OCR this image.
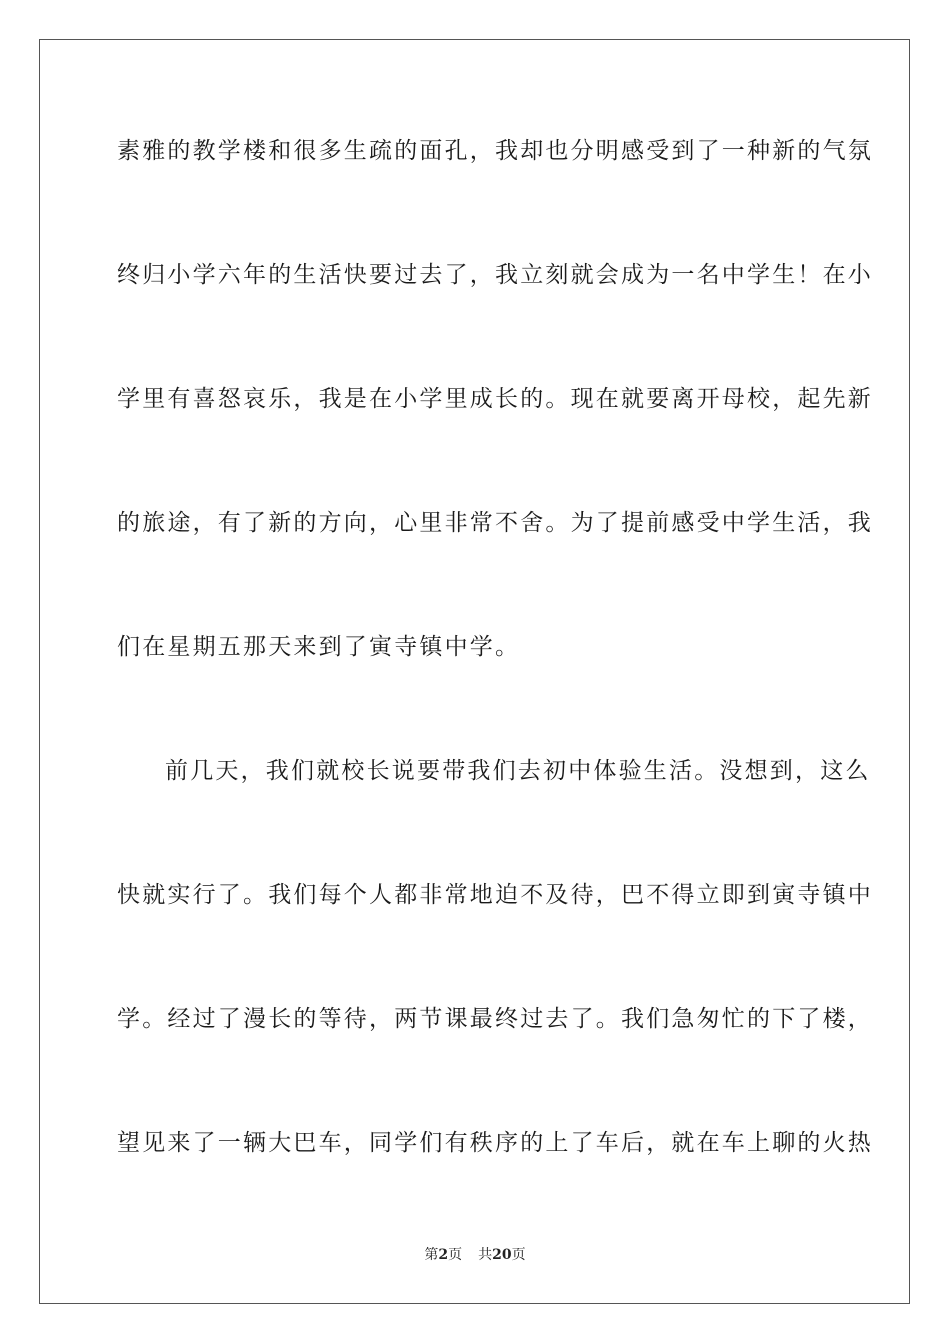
素雅的教学楼和很多生疏的面孔，我却也分明感受到了一种新的气氛
终归小学六年的生活快要过去了，我立刻就会成为一名中学生！在小
学里有喜怒哀乐，我是在小学里成长的。现在就要离开母校，起先新
的旅途，有了新的方向，心里非常不舍。为了提前感受中学生活，我
们在星期五那天来到了寅寺镇中学。
前几天，我们就校长说要带我们去初中体验生活。没想到，这么
快就实行了。我们每个人都非常地迫不及待，巴不得立即到寅寺镇中
学。经过了漫长的等待，两节课最终过去了。我们急匆忙的下了楼，
望见来了一辆大巴车，同学们有秩序的上了车后，就在车上聊的火热
第2页 共20页
